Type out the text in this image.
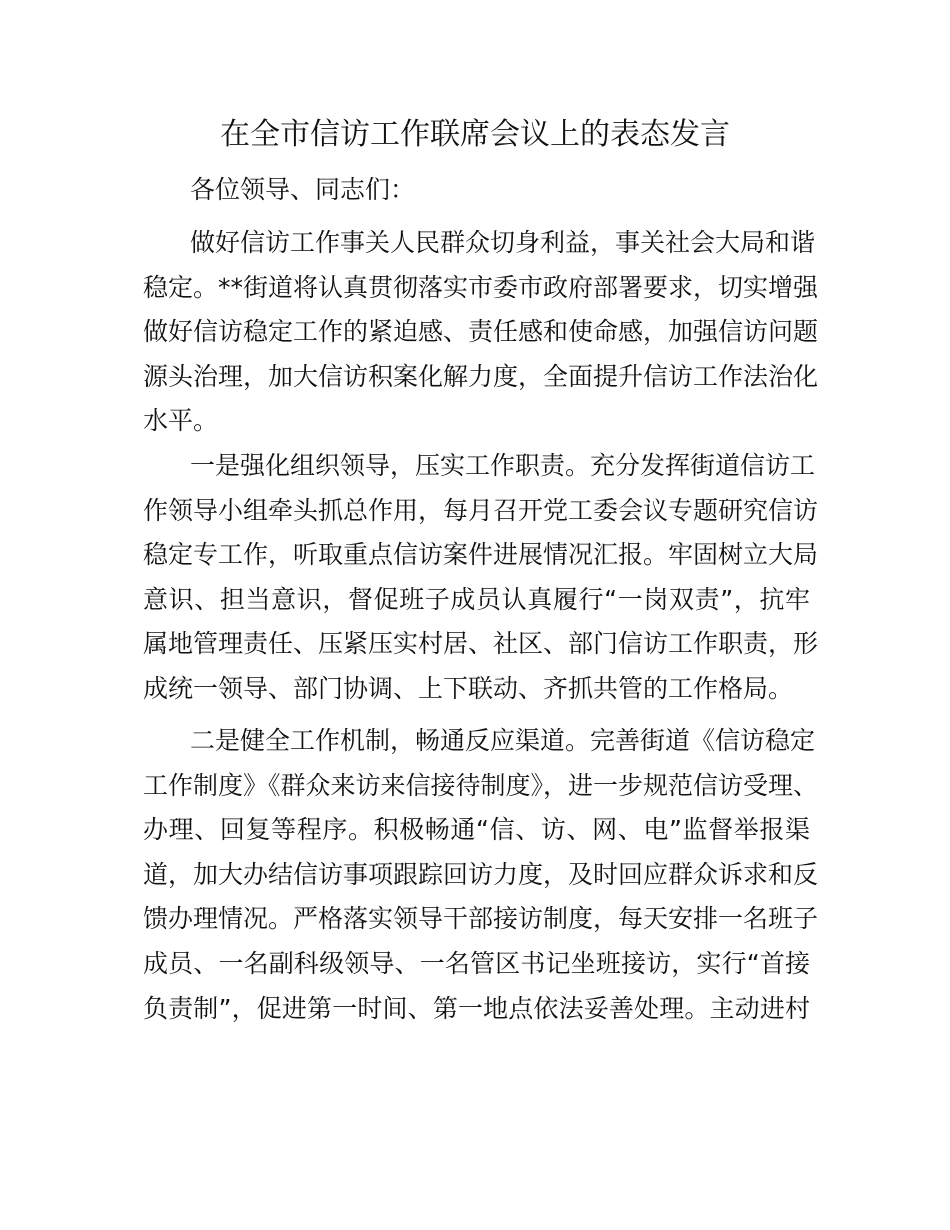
在全市信访工作联席会议上的表态发言
各位领导、同志们：
做好信访工作事关人民群众切身利益，事关社会大局和谐
稳定。**街道将认真贯彻落实市委市政府部署要求，切实增强
做好信访稳定工作的紧迫感、责任感和使命感，加强信访问题
源头治理，加大信访积案化解力度，全面提升信访工作法治化
水平。
一是强化组织领导，压实工作职责。充分发挥街道信访工
作领导小组牵头抓总作用，每月召开党工委会议专题研究信访
稳定专工作，听取重点信访案件进展情况汇报。牢固树立大局
意识、担当意识，督促班子成员认真履行“一岗双责”，抗牢
属地管理责任、压紧压实村居、社区、部门信访工作职责，形
成统一领导、部门协调、上下联动、齐抓共管的工作格局。
二是健全工作机制，畅通反应渠道。完善街道《信访稳定
工作制度》《群众来访来信接待制度》，进一步规范信访受理、
办理、回复等程序。积极畅通“信、访、网、电”监督举报渠
道，加大办结信访事项跟踪回访力度，及时回应群众诉求和反
馈办理情况。严格落实领导干部接访制度，每天安排一名班子
成员、一名副科级领导、一名管区书记坐班接访，实行“首接
负责制”，促进第一时间、第一地点依法妥善处理。主动进村
